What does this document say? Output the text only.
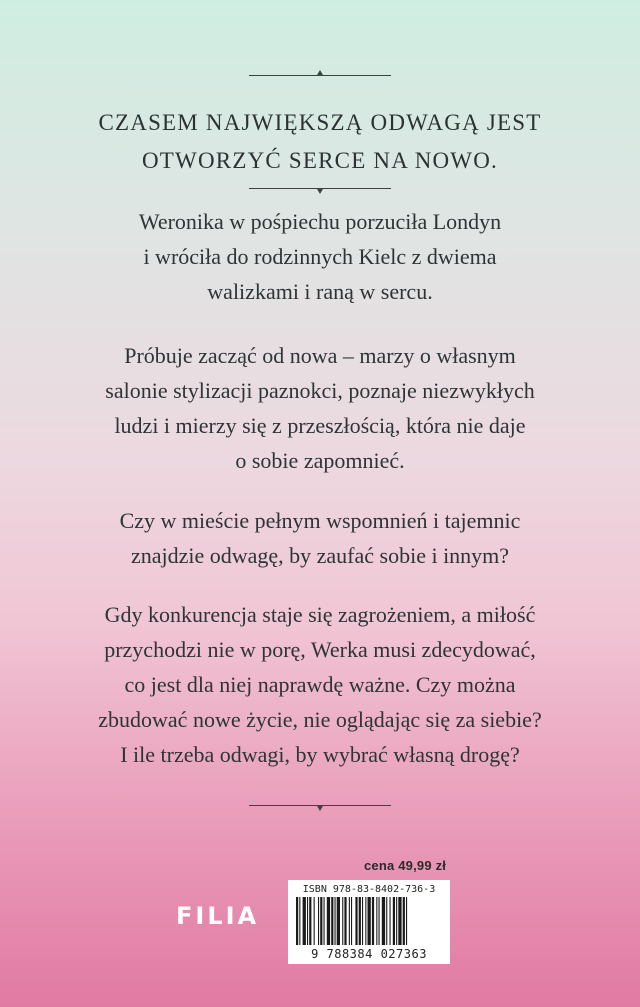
CZASEM NAJWIĘKSZĄ ODWAGĄ JEST
OTWORZYĆ SERCE NA NOWO.
Weronika w pośpiechu porzuciła Londyn
i wróciła do rodzinnych Kielc z dwiema
walizkami i raną w sercu.
Próbuje zacząć od nowa – marzy o własnym
salonie stylizacji paznokci, poznaje niezwykłych
ludzi i mierzy się z przeszłością, która nie daje
o sobie zapomnieć.
Czy w mieście pełnym wspomnień i tajemnic
znajdzie odwagę, by zaufać sobie i innym?
Gdy konkurencja staje się zagrożeniem, a miłość
przychodzi nie w porę, Werka musi zdecydować,
co jest dla niej naprawdę ważne. Czy można
zbudować nowe życie, nie oglądając się za siebie?
I ile trzeba odwagi, by wybrać własną drogę?
cena 49,99 zł
FILIA
ISBN 978-83-8402-736-3
9 788384 027363
